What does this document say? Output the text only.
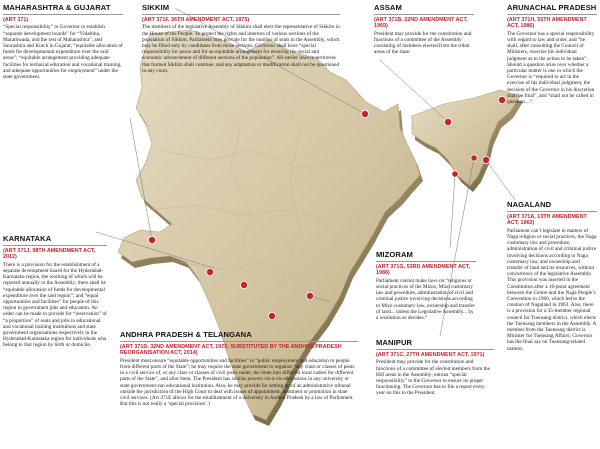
MAHARASHTRA & GUJARAT
(ART 371)
“Special responsibility” to Governor to establish “separate development boards” for “Vidarbha, Marathwada, and the rest of Maharashtra”, and Saurashtra and Kutch in Gujarat; “equitable allocation of funds for developmental expenditure over the said areas”; “equitable arrangement providing adequate facilities for technical education and vocational training, and adequate opportunities for employment” under the state government.
SIKKIM
(ART 371F, 36TH AMENDMENT ACT, 1975)
The members of the legislative Assembly of Sikkim shall elect the representative of Sikkim in the House of the People. To protect the rights and interests of various sections of the population of Sikkim, Parliament may provide for the number of seats in the Assembly, which may be filled only by candidates from those sections. Governor shall have “special responsibility for peace and for an equitable arrangement for ensuring the social and economic advancement of different sections of the population”. All earlier laws in territories that formed Sikkim shall continue, and any adaptation or modification shall not be questioned in any court.
ASSAM
(ART 371B, 22ND AMENDMENT ACT, 1969)
President may provide for the constitution and functions of a committee of the Assembly consisting of members elected from the tribal areas of the state.
ARUNACHAL PRADESH
(ART 371H, 55TH AMENDMENT ACT, 1986)
The Governor has a special responsibility with regard to law and order, and “he shall, after consulting the Council of Ministers, exercise his individual judgment as to the action to be taken”. Should a question arise over whether a particular matter is one in which the Governor is “required to act in the exercise of his individual judgment, the decision of the Governor in his discretion shall be final”, and “shall not be called in question…”.
KARNATAKA
(ART 371J, 98TH AMENDMENT ACT, 2012)
There is a provision for the establishment of a separate development board for the Hyderabad-Karnataka region, the working of which will be reported annually to the Assembly; there shall be “equitable allocation of funds for developmental expenditure over the said region”; and “equal opportunities and facilities” for people of this region in government jobs and education. An order can be made to provide for “reservation” of “a proportion” of seats and jobs in educational and vocational training institutions and state government organisations respectively in the Hyderabad-Karnataka region for individuals who belong to that region by birth or domicile.
MIZORAM
(ART 371G, 53RD AMENDMENT ACT, 1986)
Parliament cannot make laws on “religious or social practices of the Mizos, Mizo customary law and procedure, administration of civil and criminal justice involving decisions according to Mizo customary law, ownership and transfer of land... unless the Legislative Assembly... by a resolution so decides.”
NAGALAND
(ART 371A, 13TH AMENDMENT ACT, 1962)
Parliament can’t legislate in matters of Naga religion or social practices, the Naga customary law and procedure, administration of civil and criminal justice involving decisions according to Naga customary law, and ownership and transfer of land and its resources, without concurrence of the legislative Assembly. This provision was inserted in the Constitution after a 16-point agreement between the Centre and the Naga People’s Convention in 1960, which led to the creation of Nagaland in 1963. Also, there is a provision for a 35-member regional council for Tuensang district, which elects the Tuensang members in the Assembly. A member from the Tuensang district is Minister for Tuensang Affairs; Governor has the final say on Tuensang-related matters.
ANDHRA PRADESH & TELANGANA
(ART 371D, 32ND AMENDMENT ACT, 1973; SUBSTITUTED BY THE ANDHRA PRADESH REORGANISATION ACT, 2014)
President must ensure “equitable opportunities and facilities” in “public employment and education to people from different parts of the State”; he may require the state government to organise “any class or classes of posts in a civil service of, or any class or classes of civil posts under, the State into different local cadres for different parts of the State”, and allot them. The President has similar powers vis-à-vis admissions in any university or state government-run educational institution. Also, he may provide for setting up of an administrative tribunal outside the jurisdiction of the High Court to deal with issues of appointment, allotment or promotion in state civil services. (Art 371E allows for the establishment of a university in Andhra Pradesh by a law of Parliament. But this is not really a ‘special provision’.)
MANIPUR
(ART 371C, 27TH AMENDMENT ACT, 1971)
President may provide for the constitution and functions of a committee of elected members from the Hill areas in the Assembly; entrust “special responsibility” to the Governor to ensure its proper functioning. The Governor has to file a report every year on this to the President.
